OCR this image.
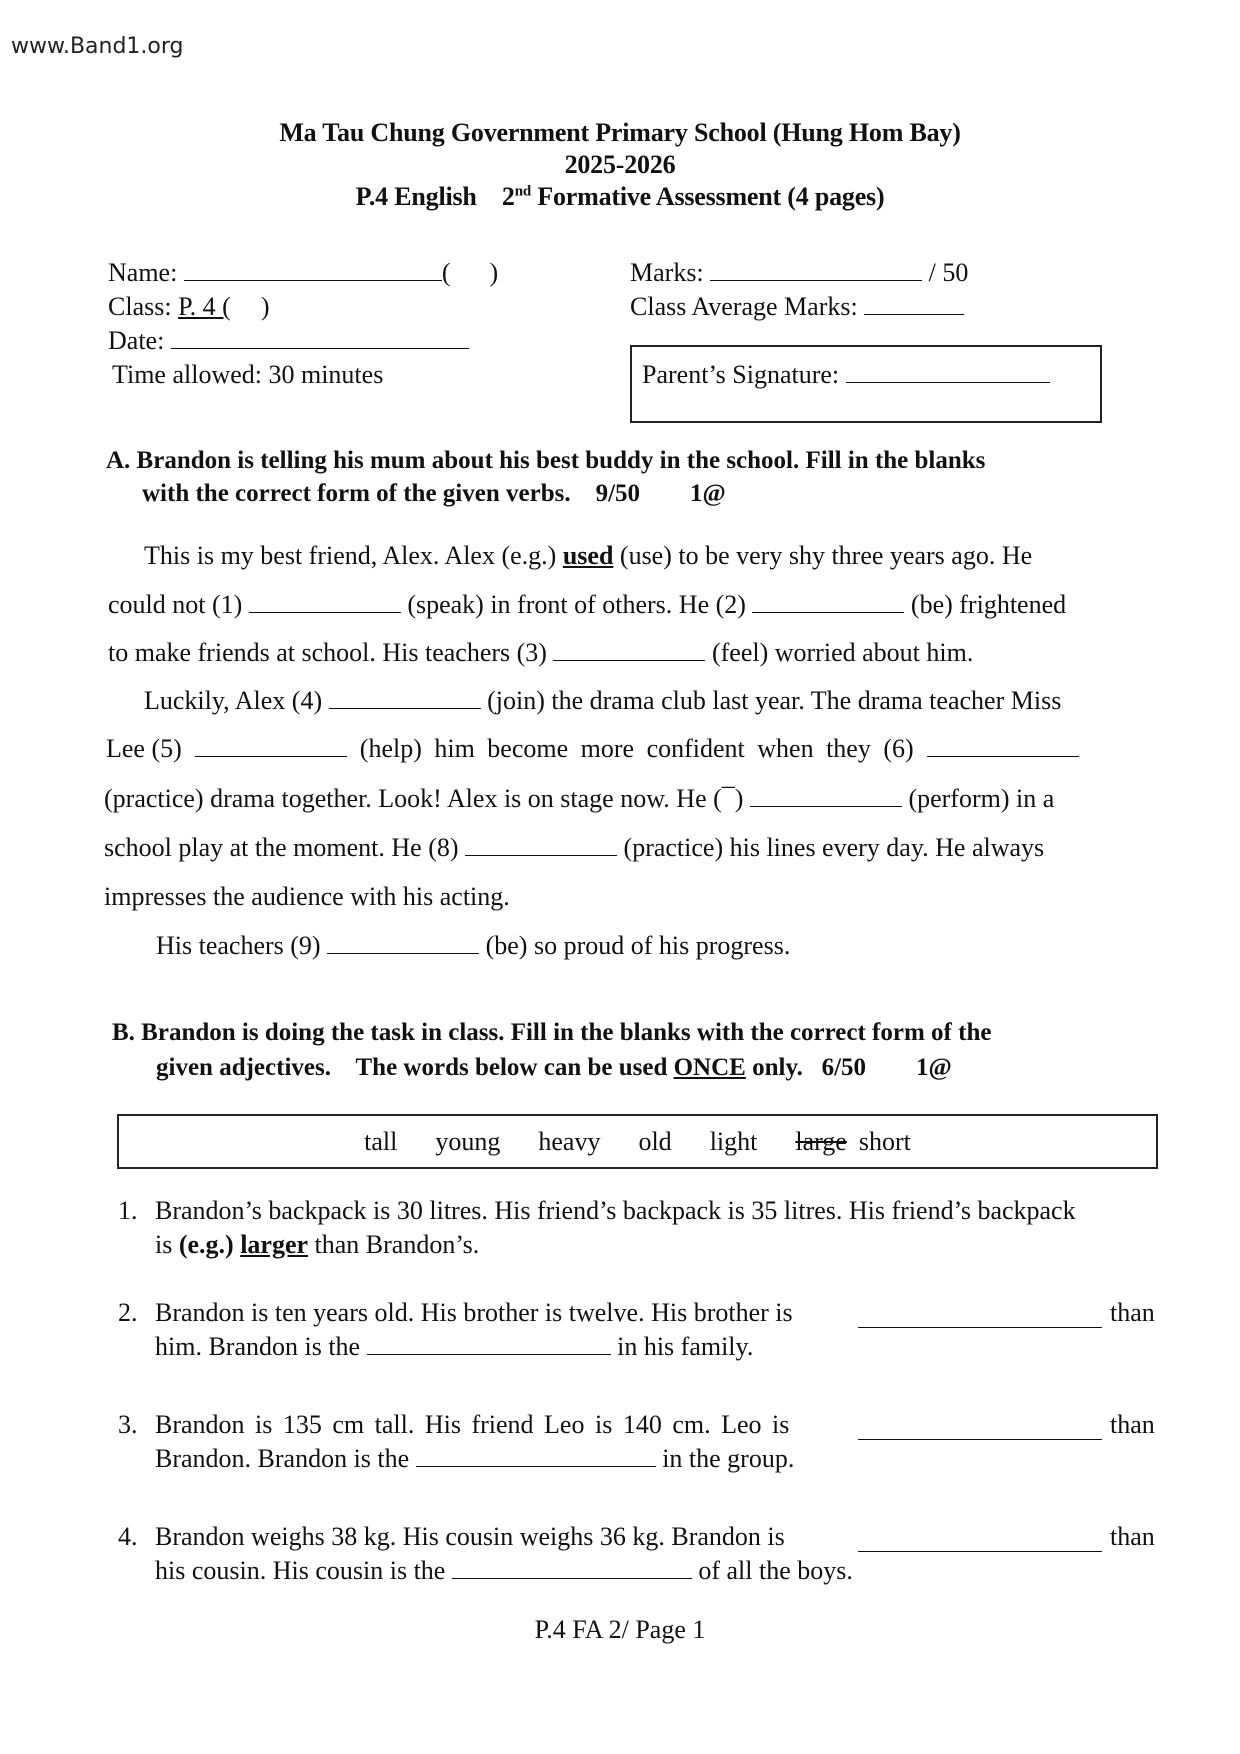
www.Band1.org
Ma Tau Chung Government Primary School (Hung Hom Bay)
2025-2026
P.4 English 2nd Formative Assessment (4 pages)
Name:	(      )
Class: P. 4 ( )
Date:
Time allowed: 30 minutes
Marks:	/ 50
Class Average Marks:
Parent’s Signature:
A. Brandon is telling his mum about his best buddy in the school. Fill in the blanks
with the correct form of the given verbs. 9/50 1@
This is my best friend, Alex. Alex (e.g.) used (use) to be very shy three years ago. He
could not (1)	(speak) in front of others. He (2)	(be) frightened
to make friends at school. His teachers (3)	(feel) worried about him.
Luckily, Alex (4)	(join) the drama club last year. The drama teacher Miss
Lee (5)	(help) him become more confident when they (6)
(practice) drama together. Look! Alex is on stage now. He (¯)	(perform) in a
school play at the moment. He (8)	(practice) his lines every day. He always
impresses the audience with his acting.
His teachers (9)	(be) so proud of his progress.
B. Brandon is doing the task in class. Fill in the blanks with the correct form of the
given adjectives.    The words below can be used ONCE only. 6/50 1@
tall young heavy old light large short
1. Brandon’s backpack is 30 litres. His friend’s backpack is 35 litres. His friend’s backpack
is (e.g.) larger than Brandon’s.
2. Brandon is ten years old. His brother is twelve. His brother is	than
him. Brandon is the	in his family.
3. Brandon is 135 cm tall. His friend Leo is 140 cm. Leo is	than
Brandon. Brandon is the	in the group.
4. Brandon weighs 38 kg. His cousin weighs 36 kg. Brandon is	than
his cousin. His cousin is the	of all the boys.
P.4 FA 2/ Page 1
